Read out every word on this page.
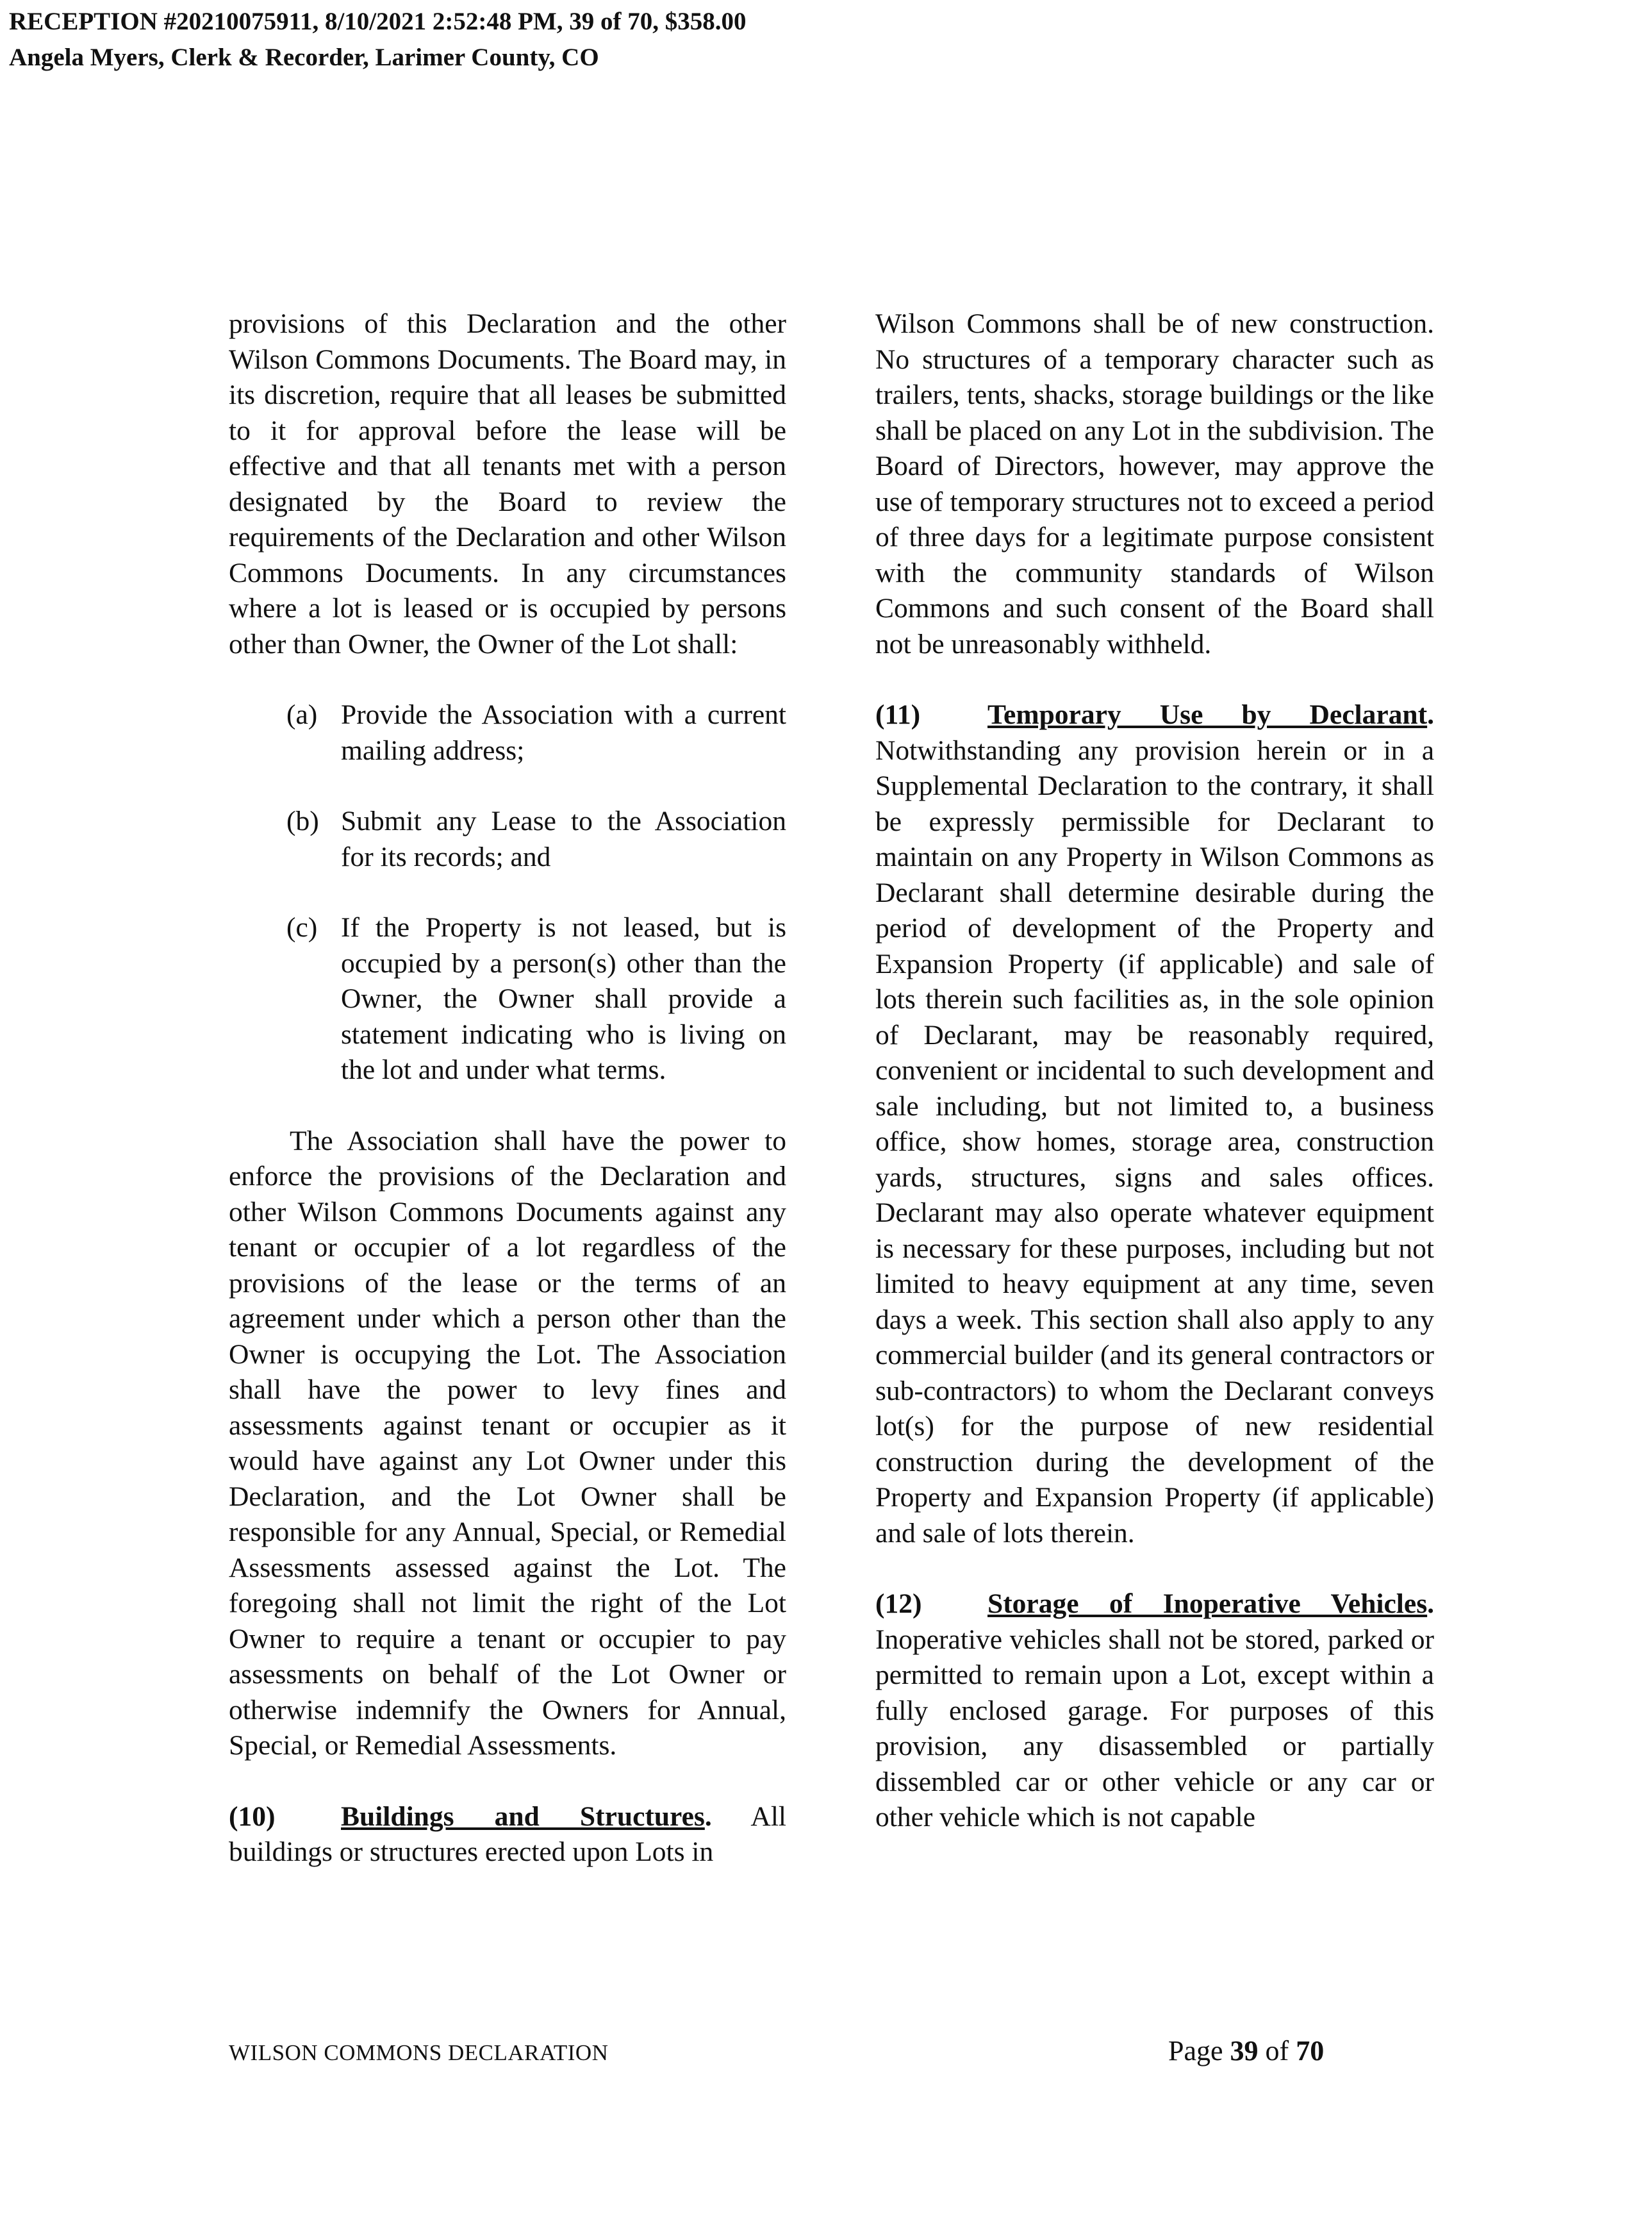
RECEPTION #20210075911, 8/10/2021 2:52:48 PM, 39 of 70, $358.00
Angela Myers, Clerk & Recorder, Larimer County, CO

provisions of this Declaration and the other Wilson Commons Documents. The Board may, in its discretion, require that all leases be submitted to it for approval before the lease will be effective and that all tenants met with a person designated by the Board to review the requirements of the Declaration and other Wilson Commons Documents. In any circumstances where a lot is leased or is occupied by persons other than Owner, the Owner of the Lot shall:

(a) Provide the Association with a current mailing address;
(b) Submit any Lease to the Association for its records; and
(c) If the Property is not leased, but is occupied by a person(s) other than the Owner, the Owner shall provide a statement indicating who is living on the lot and under what terms.

The Association shall have the power to enforce the provisions of the Declaration and other Wilson Commons Documents against any tenant or occupier of a lot regardless of the provisions of the lease or the terms of an agreement under which a person other than the Owner is occupying the Lot. The Association shall have the power to levy fines and assessments against tenant or occupier as it would have against any Lot Owner under this Declaration, and the Lot Owner shall be responsible for any Annual, Special, or Remedial Assessments assessed against the Lot. The foregoing shall not limit the right of the Lot Owner to require a tenant or occupier to pay assessments on behalf of the Lot Owner or otherwise indemnify the Owners for Annual, Special, or Remedial Assessments.

(10) Buildings and Structures. All buildings or structures erected upon Lots in

Wilson Commons shall be of new construction. No structures of a temporary character such as trailers, tents, shacks, storage buildings or the like shall be placed on any Lot in the subdivision. The Board of Directors, however, may approve the use of temporary structures not to exceed a period of three days for a legitimate purpose consistent with the community standards of Wilson Commons and such consent of the Board shall not be unreasonably withheld.

(11) Temporary Use by Declarant. Notwithstanding any provision herein or in a Supplemental Declaration to the contrary, it shall be expressly permissible for Declarant to maintain on any Property in Wilson Commons as Declarant shall determine desirable during the period of development of the Property and Expansion Property (if applicable) and sale of lots therein such facilities as, in the sole opinion of Declarant, may be reasonably required, convenient or incidental to such development and sale including, but not limited to, a business office, show homes, storage area, construction yards, structures, signs and sales offices. Declarant may also operate whatever equipment is necessary for these purposes, including but not limited to heavy equipment at any time, seven days a week. This section shall also apply to any commercial builder (and its general contractors or sub-contractors) to whom the Declarant conveys lot(s) for the purpose of new residential construction during the development of the Property and Expansion Property (if applicable) and sale of lots therein.

(12) Storage of Inoperative Vehicles. Inoperative vehicles shall not be stored, parked or permitted to remain upon a Lot, except within a fully enclosed garage. For purposes of this provision, any disassembled or partially dissembled car or other vehicle or any car or other vehicle which is not capable

WILSON COMMONS DECLARATION	Page 39 of 70
